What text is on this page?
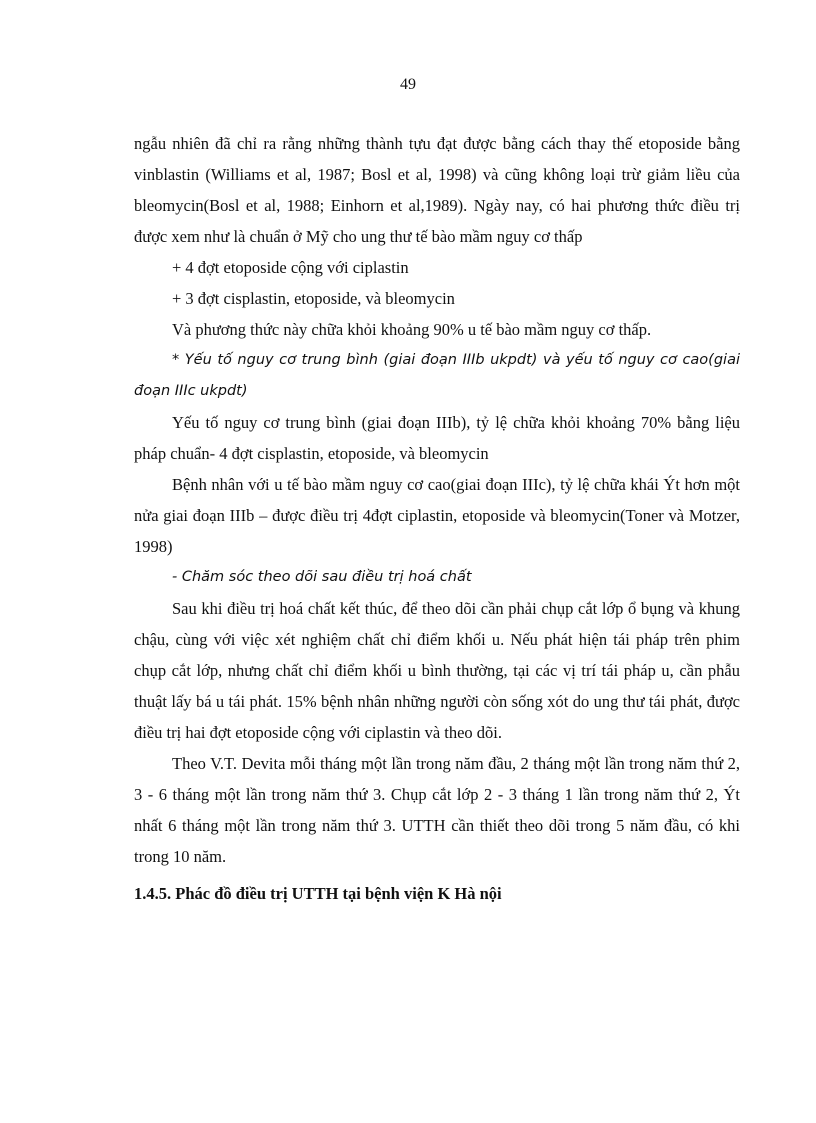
49

ngẫu nhiên đã chỉ ra rằng những thành tựu đạt được bằng cách thay thế etoposide bằng vinblastin (Williams et al, 1987; Bosl et al, 1998) và cũng không loại trừ giảm liều của bleomycin(Bosl et al, 1988; Einhorn et al,1989). Ngày nay, có hai phương thức điều trị được xem như là chuẩn ở Mỹ cho ung thư tế bào mầm nguy cơ thấp

+ 4 đợt etoposide cộng với ciplastin

+ 3 đợt cisplastin, etoposide, và bleomycin

Và phương thức này chữa khỏi khoảng 90% u tế bào mầm nguy cơ thấp.

* Yếu tố nguy cơ trung bình (giai đoạn IIIb ukpdt) và yếu tố nguy cơ cao(giai đoạn IIIc ukpdt)

Yếu tố nguy cơ trung bình (giai đoạn IIIb), tỷ lệ chữa khỏi khoảng 70% bằng liệu pháp chuẩn- 4 đợt cisplastin, etoposide, và bleomycin

Bệnh nhân với u tế bào mầm nguy cơ cao(giai đoạn IIIc), tỷ lệ chữa khái Ýt hơn một nửa giai đoạn IIIb – được điều trị 4đợt ciplastin, etoposide và bleomycin(Toner và Motzer, 1998)

- Chăm sóc theo dõi sau điều trị hoá chất

Sau khi điều trị hoá chất kết thúc, để theo dõi cần phải chụp cắt lớp ổ bụng và khung chậu, cùng với việc xét nghiệm chất chỉ điểm khối u. Nếu phát hiện tái pháp trên phim chụp cắt lớp, nhưng chất chỉ điểm khối u bình thường, tại các vị trí tái pháp u, cần phẫu thuật lấy bá u tái phát. 15% bệnh nhân những người còn sống xót do ung thư tái phát, được điều trị hai đợt etoposide cộng với ciplastin và theo dõi.

Theo V.T. Devita mỗi tháng một lần trong năm đầu, 2 tháng một lần trong năm thứ 2, 3 - 6 tháng một lần trong năm thứ 3. Chụp cắt lớp 2 - 3 tháng 1 lần trong năm thứ 2, Ýt nhất 6 tháng một lần trong năm thứ 3. UTTH cần thiết theo dõi trong 5 năm đầu, có khi trong 10 năm.

1.4.5. Phác đồ điều trị UTTH tại bệnh viện K Hà nội
